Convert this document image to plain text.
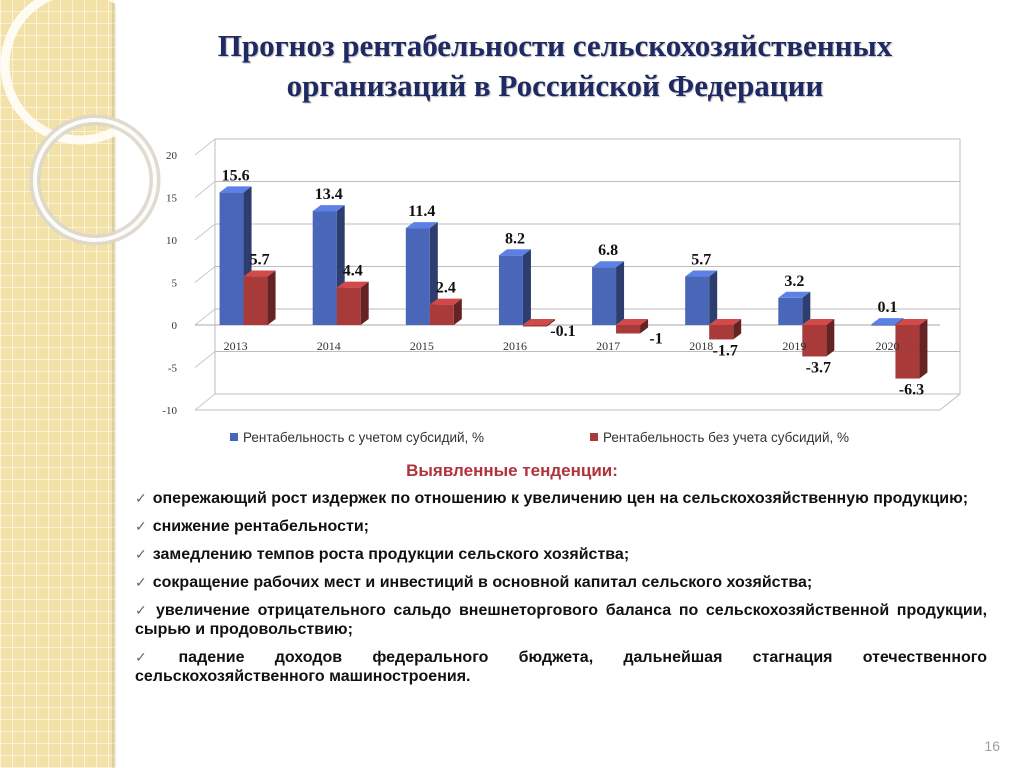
Прогноз рентабельности сельскохозяйственных
организаций в Российской Федерации
20
15
10
5
0
-5
-10
2013
15.6
5.7
2014
13.4
4.4
2015
11.4
2.4
2016
8.2
-0.1
2017
6.8
-1 2018
5.7
-1.7	2019
3.2
-3.7
2020
0.1
-6.3
Рентабельность с учетом субсидий, %	Рентабельность без учета субсидий, %
Выявленные тенденции:
✓ опережающий рост издержек по отношению к увеличению цен на сельскохозяйственную продукцию;
✓ снижение рентабельности;
✓ замедлению темпов роста продукции сельского хозяйства;
✓ сокращение рабочих мест и инвестиций в основной капитал сельского хозяйства;
✓ увеличение отрицательного сальдо внешнеторгового баланса по сельскохозяйственной продукции, сырью и продовольствию;
✓ падение доходов федерального бюджета, дальнейшая стагнация отечественного сельскохозяйственного машиностроения.
16
